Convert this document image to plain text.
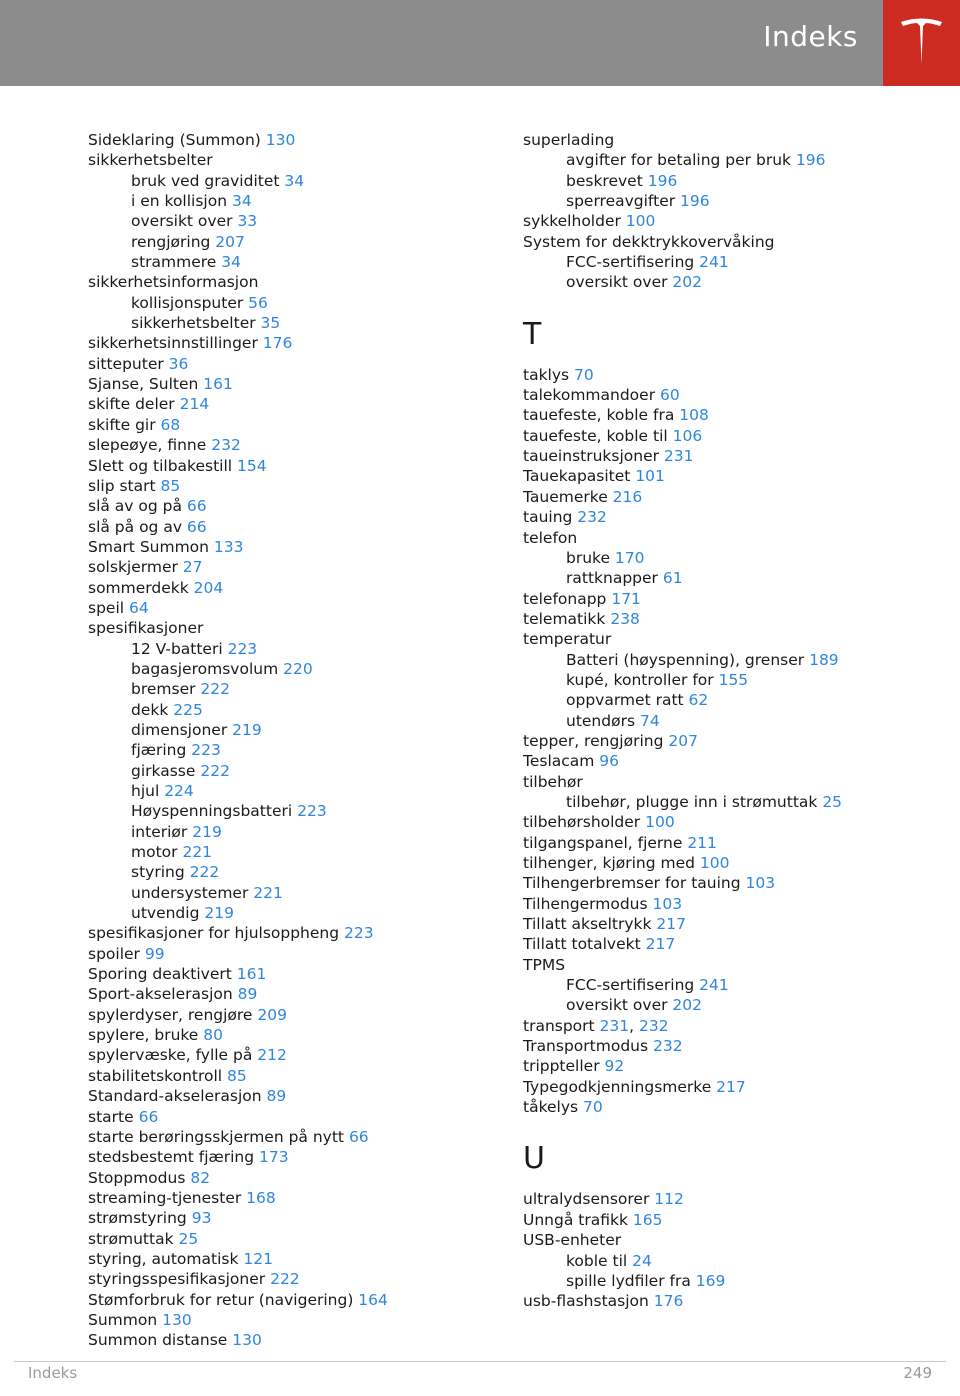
Indeks
Sideklaring (Summon) 130
sikkerhetsbelter
bruk ved graviditet 34
i en kollisjon 34
oversikt over 33
rengjøring 207
strammere 34
sikkerhetsinformasjon
kollisjonsputer 56
sikkerhetsbelter 35
sikkerhetsinnstillinger 176
sitteputer 36
Sjanse, Sulten 161
skifte deler 214
skifte gir 68
slepeøye, finne 232
Slett og tilbakestill 154
slip start 85
slå av og på 66
slå på og av 66
Smart Summon 133
solskjermer 27
sommerdekk 204
speil 64
spesifikasjoner
12 V-batteri 223
bagasjeromsvolum 220
bremser 222
dekk 225
dimensjoner 219
fjæring 223
girkasse 222
hjul 224
Høyspenningsbatteri 223
interiør 219
motor 221
styring 222
undersystemer 221
utvendig 219
spesifikasjoner for hjulsoppheng 223
spoiler 99
Sporing deaktivert 161
Sport-akselerasjon 89
spylerdyser, rengjøre 209
spylere, bruke 80
spylervæske, fylle på 212
stabilitetskontroll 85
Standard-akselerasjon 89
starte 66
starte berøringsskjermen på nytt 66
stedsbestemt fjæring 173
Stoppmodus 82
streaming-tjenester 168
strømstyring 93
strømuttak 25
styring, automatisk 121
styringsspesifikasjoner 222
Stømforbruk for retur (navigering) 164
Summon 130
Summon distanse 130
superlading
avgifter for betaling per bruk 196
beskrevet 196
sperreavgifter 196
sykkelholder 100
System for dekktrykkovervåking
FCC-sertifisering 241
oversikt over 202
T
taklys 70
talekommandoer 60
tauefeste, koble fra 108
tauefeste, koble til 106
taueinstruksjoner 231
Tauekapasitet 101
Tauemerke 216
tauing 232
telefon
bruke 170
rattknapper 61
telefonapp 171
telematikk 238
temperatur
Batteri (høyspenning), grenser 189
kupé, kontroller for 155
oppvarmet ratt 62
utendørs 74
tepper, rengjøring 207
Teslacam 96
tilbehør
tilbehør, plugge inn i strømuttak 25
tilbehørsholder 100
tilgangspanel, fjerne 211
tilhenger, kjøring med 100
Tilhengerbremser for tauing 103
Tilhengermodus 103
Tillatt akseltrykk 217
Tillatt totalvekt 217
TPMS
FCC-sertifisering 241
oversikt over 202
transport 231, 232
Transportmodus 232
trippteller 92
Typegodkjenningsmerke 217
tåkelys 70
U
ultralydsensorer 112
Unngå trafikk 165
USB-enheter
koble til 24
spille lydfiler fra 169
usb-flashstasjon 176
Indeks	249
